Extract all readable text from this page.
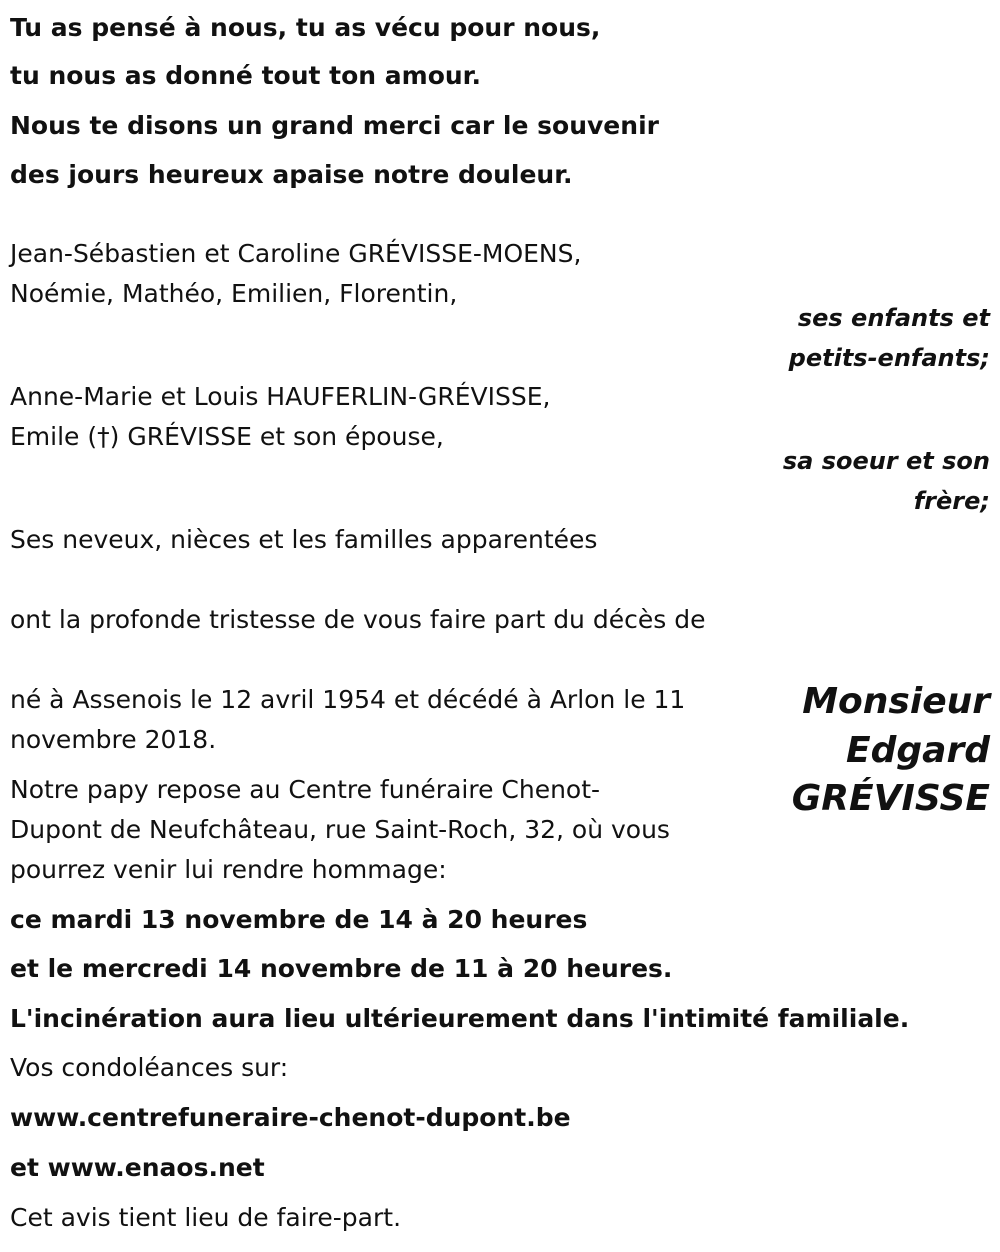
Tu as pensé à nous, tu as vécu pour nous,
tu nous as donné tout ton amour.
Nous te disons un grand merci car le souvenir
des jours heureux apaise notre douleur.
Jean-Sébastien et Caroline GRÉVISSE-MOENS,
Noémie, Mathéo, Emilien, Florentin,
ses enfants et
petits-enfants;
Anne-Marie et Louis HAUFERLIN-GRÉVISSE,
Emile (†) GRÉVISSE et son épouse,
sa soeur et son
frère;
Ses neveux, nièces et les familles apparentées
ont la profonde tristesse de vous faire part du décès de
Monsieur
Edgard
GRÉVISSE
né à Assenois le 12 avril 1954 et décédé à Arlon le 11
novembre 2018.
Notre papy repose au Centre funéraire Chenot-
Dupont de Neufchâteau, rue Saint-Roch, 32, où vous
pourrez venir lui rendre hommage:
ce mardi 13 novembre de 14 à 20 heures
et le mercredi 14 novembre de 11 à 20 heures.
L'incinération aura lieu ultérieurement dans l'intimité familiale.
Vos condoléances sur:
www.centrefuneraire-chenot-dupont.be
et www.enaos.net
Cet avis tient lieu de faire-part.
